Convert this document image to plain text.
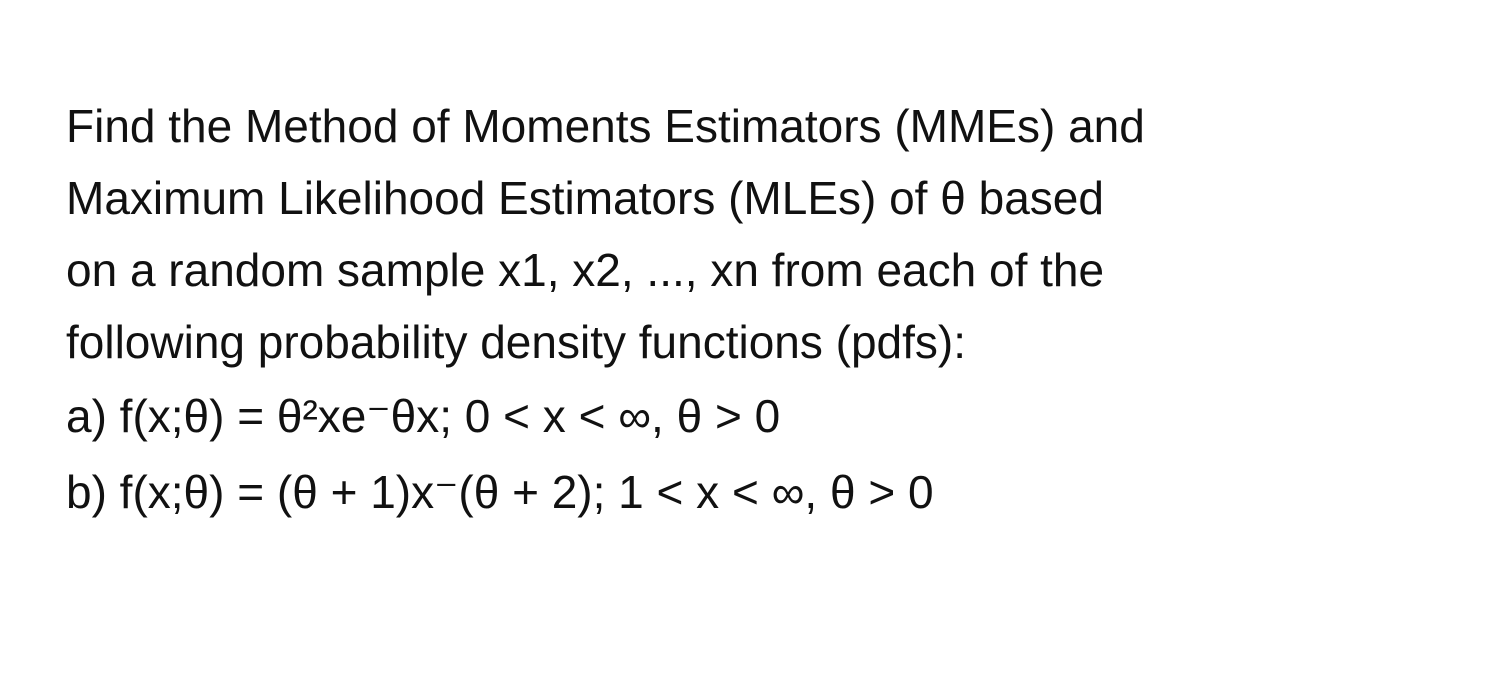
Find the Method of Moments Estimators (MMEs) and
Maximum Likelihood Estimators (MLEs) of θ based
on a random sample x1, x2, ..., xn from each of the
following probability density functions (pdfs):
a) f(x;θ) = θ²xe⁻θx; 0 < x < ∞, θ > 0
b) f(x;θ) = (θ + 1)x⁻(θ + 2); 1 < x < ∞, θ > 0
